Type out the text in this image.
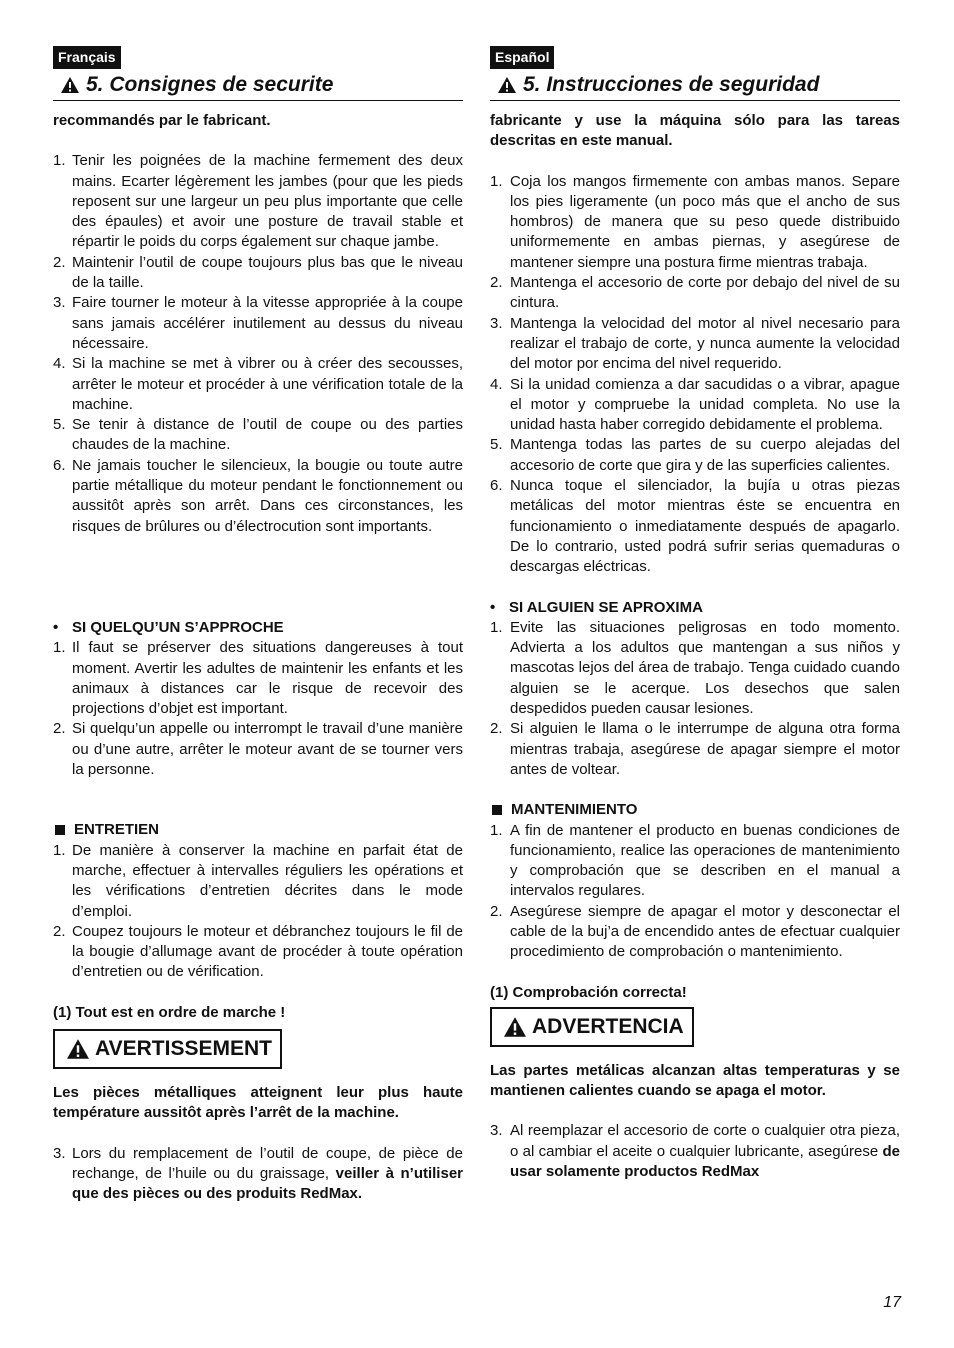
Français
5. Consignes de securite

recommandés par le fabricant.

1. Tenir les poignées de la machine fermement des deux mains. Ecarter légèrement les jambes (pour que les pieds reposent sur une largeur un peu plus importante que celle des épaules) et avoir une posture de travail stable et répartir le poids du corps également sur chaque jambe.
2. Maintenir l’outil de coupe toujours plus bas que le niveau de la taille.
3. Faire tourner le moteur à la vitesse appropriée à la coupe sans jamais accélérer inutilement au dessus du niveau nécessaire.
4. Si la machine se met à vibrer ou à créer des secousses, arrêter le moteur et procéder à une vérification totale de la machine.
5. Se tenir à distance de l’outil de coupe ou des parties chaudes de la machine.
6. Ne jamais toucher le silencieux, la bougie ou toute autre partie métallique du moteur pendant le fonctionnement ou aussitôt après son arrêt. Dans ces circonstances, les risques de brûlures ou d’électrocution sont importants.
• SI QUELQU’UN S’APPROCHE
1. Il faut se préserver des situations dangereuses à tout moment. Avertir les adultes de maintenir les enfants et les animaux à distances car le risque de recevoir des projections d’objet est important.
2. Si quelqu’un appelle ou interrompt le travail d’une manière ou d’une autre, arrêter le moteur avant de se tourner vers la personne.
ENTRETIEN
1. De manière à conserver la machine en parfait état de marche, effectuer à intervalles réguliers les opérations et les vérifications d’entretien décrites dans le mode d’emploi.
2. Coupez toujours le moteur et débranchez toujours le fil de la bougie d’allumage avant de procéder à toute opération d’entretien ou de vérification.

(1) Tout est en ordre de marche !

AVERTISSEMENT

Les pièces métalliques atteignent leur plus haute température aussitôt après l’arrêt de la machine.

3. Lors du remplacement de l’outil de coupe, de pièce de rechange, de l’huile ou du graissage, veiller à n’utiliser que des pièces ou des produits RedMax.
Español
5. Instrucciones de seguridad

fabricante y use la máquina sólo para las tareas descritas en este manual.

1. Coja los mangos firmemente con ambas manos. Separe los pies ligeramente (un poco más que el ancho de sus hombros) de manera que su peso quede distribuido uniformemente en ambas piernas, y asegúrese de mantener siempre una postura firme mientras trabaja.
2. Mantenga el accesorio de corte por debajo del nivel de su cintura.
3. Mantenga la velocidad del motor al nivel necesario para realizar el trabajo de corte, y nunca aumente la velocidad del motor por encima del nivel requerido.
4. Si la unidad comienza a dar sacudidas o a vibrar, apague el motor y compruebe la unidad completa. No use la unidad hasta haber corregido debidamente el problema.
5. Mantenga todas las partes de su cuerpo alejadas del accesorio de corte que gira y de las superficies calientes.
6. Nunca toque el silenciador, la bujía u otras piezas metálicas del motor mientras éste se encuentra en funcionamiento o inmediatamente después de apagarlo. De lo contrario, usted podrá sufrir serias quemaduras o descargas eléctricas.
• SI ALGUIEN SE APROXIMA
1. Evite las situaciones peligrosas en todo momento. Advierta a los adultos que mantengan a sus niños y mascotas lejos del área de trabajo. Tenga cuidado cuando alguien se le acerque. Los desechos que salen despedidos pueden causar lesiones.
2. Si alguien le llama o le interrumpe de alguna otra forma mientras trabaja, asegúrese de apagar siempre el motor antes de voltear.
MANTENIMIENTO
1. A fin de mantener el producto en buenas condiciones de funcionamiento, realice las operaciones de mantenimiento y comprobación que se describen en el manual a intervalos regulares.
2. Asegúrese siempre de apagar el motor y desconectar el cable de la buj’a de encendido antes de efectuar cualquier procedimiento de comprobación o mantenimiento.

(1) Comprobación correcta!

ADVERTENCIA

Las partes metálicas alcanzan altas temperaturas y se mantienen calientes cuando se apaga el motor.

3. Al reemplazar el accesorio de corte o cualquier otra pieza, o al cambiar el aceite o cualquier lubricante, asegúrese de usar solamente productos RedMax
17
